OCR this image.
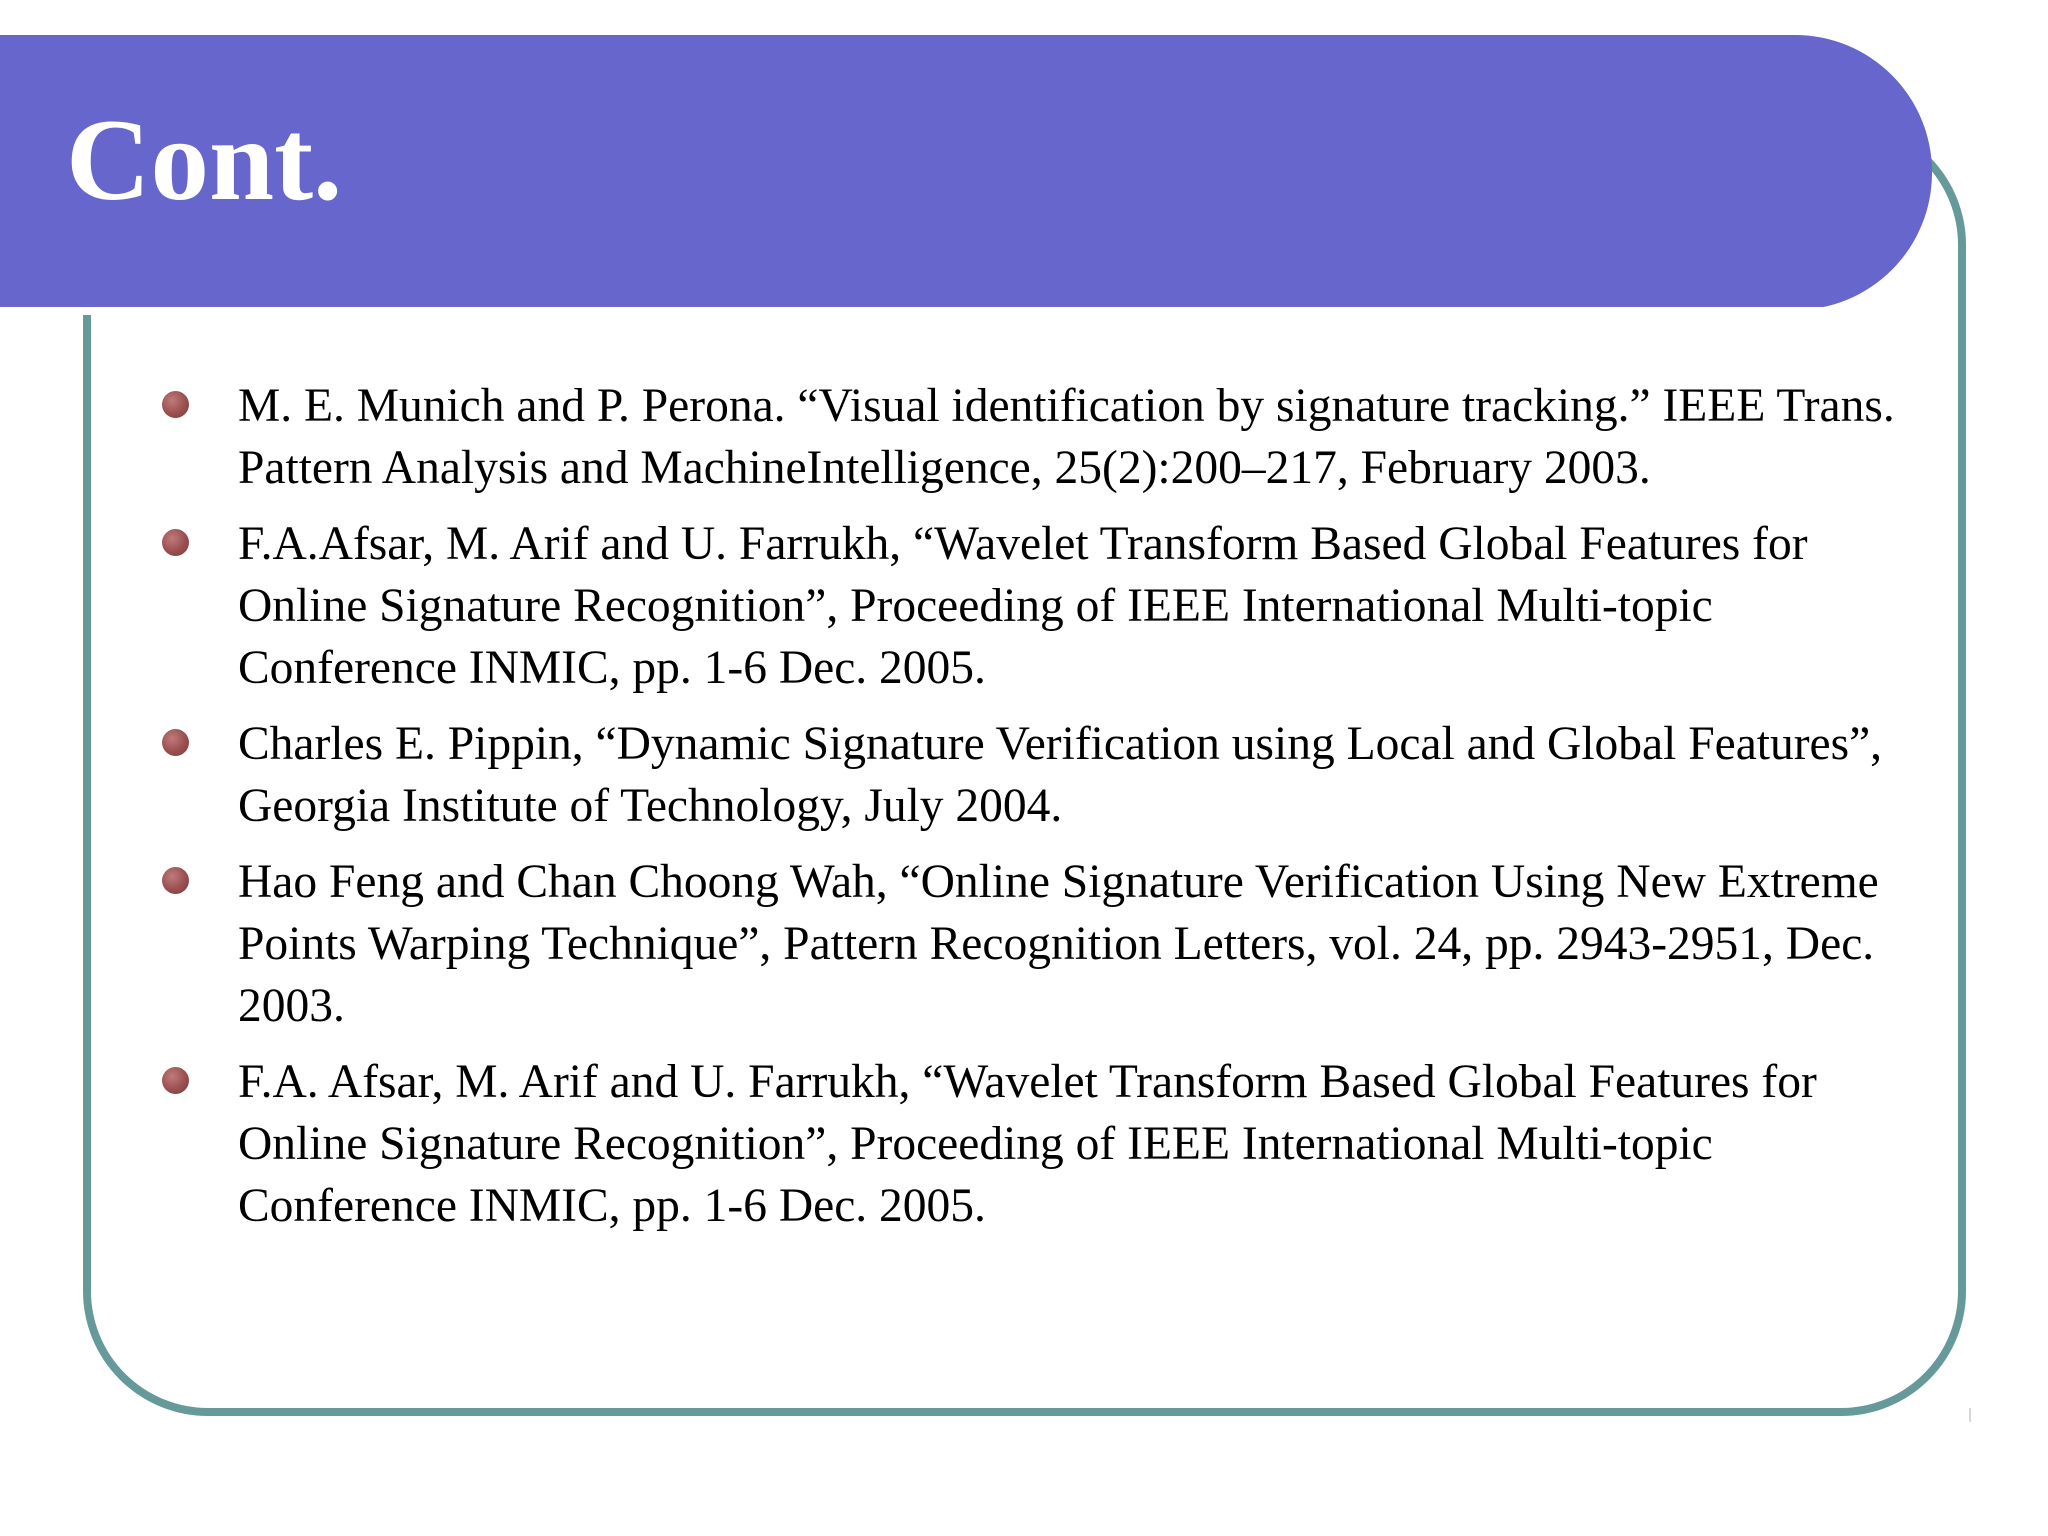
Cont.
M. E. Munich and P. Perona. “Visual identification by signature tracking.” IEEE Trans. Pattern Analysis and MachineIntelligence, 25(2):200–217, February 2003.
F.A.Afsar, M. Arif and U. Farrukh, “Wavelet Transform Based Global Features for Online Signature Recognition”, Proceeding of IEEE International Multi-topic Conference INMIC, pp. 1-6 Dec. 2005.
Charles E. Pippin, “Dynamic Signature Verification using Local and Global Features”, Georgia Institute of Technology, July 2004.
Hao Feng and Chan Choong Wah, “Online Signature Verification Using New Extreme Points Warping Technique”, Pattern Recognition Letters, vol. 24, pp. 2943-2951, Dec. 2003.
F.A. Afsar, M. Arif and U. Farrukh, “Wavelet Transform Based Global Features for Online Signature Recognition”, Proceeding of IEEE International Multi-topic Conference INMIC, pp. 1-6 Dec. 2005.
